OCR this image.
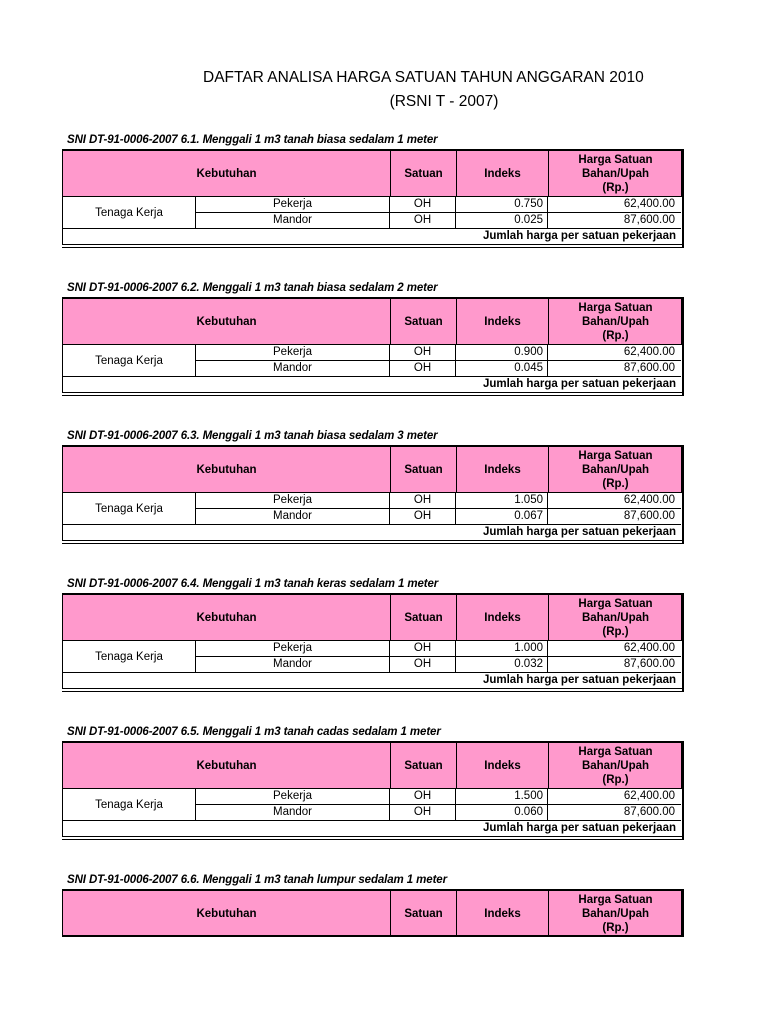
DAFTAR ANALISA HARGA SATUAN TAHUN ANGGARAN 2010
(RSNI T - 2007)
SNI DT-91-0006-2007 6.1. Menggali 1 m3 tanah biasa sedalam 1 meter
Kebutuhan	Satuan	Indeks
Harga Satuan
Bahan/Upah
(Rp.)
Tenaga Kerja
Pekerja	OH	0.750	62,400.00
Mandor	OH	0.025	87,600.00
Jumlah harga per satuan pekerjaan
SNI DT-91-0006-2007 6.2. Menggali 1 m3 tanah biasa sedalam 2 meter
Kebutuhan	Satuan	Indeks
Harga Satuan
Bahan/Upah
(Rp.)
Tenaga Kerja
Pekerja	OH	0.900	62,400.00
Mandor	OH	0.045	87,600.00
Jumlah harga per satuan pekerjaan
SNI DT-91-0006-2007 6.3. Menggali 1 m3 tanah biasa sedalam 3 meter
Kebutuhan	Satuan	Indeks
Harga Satuan
Bahan/Upah
(Rp.)
Tenaga Kerja
Pekerja	OH	1.050	62,400.00
Mandor	OH	0.067	87,600.00
Jumlah harga per satuan pekerjaan
SNI DT-91-0006-2007 6.4. Menggali 1 m3 tanah keras sedalam 1 meter
Kebutuhan	Satuan	Indeks
Harga Satuan
Bahan/Upah
(Rp.)
Tenaga Kerja
Pekerja	OH	1.000	62,400.00
Mandor	OH	0.032	87,600.00
Jumlah harga per satuan pekerjaan
SNI DT-91-0006-2007 6.5. Menggali 1 m3 tanah cadas sedalam 1 meter
Kebutuhan	Satuan	Indeks
Harga Satuan
Bahan/Upah
(Rp.)
Tenaga Kerja
Pekerja	OH	1.500	62,400.00
Mandor	OH	0.060	87,600.00
Jumlah harga per satuan pekerjaan
SNI DT-91-0006-2007 6.6. Menggali 1 m3 tanah lumpur sedalam 1 meter
Kebutuhan	Satuan	Indeks
Harga Satuan
Bahan/Upah
(Rp.)
